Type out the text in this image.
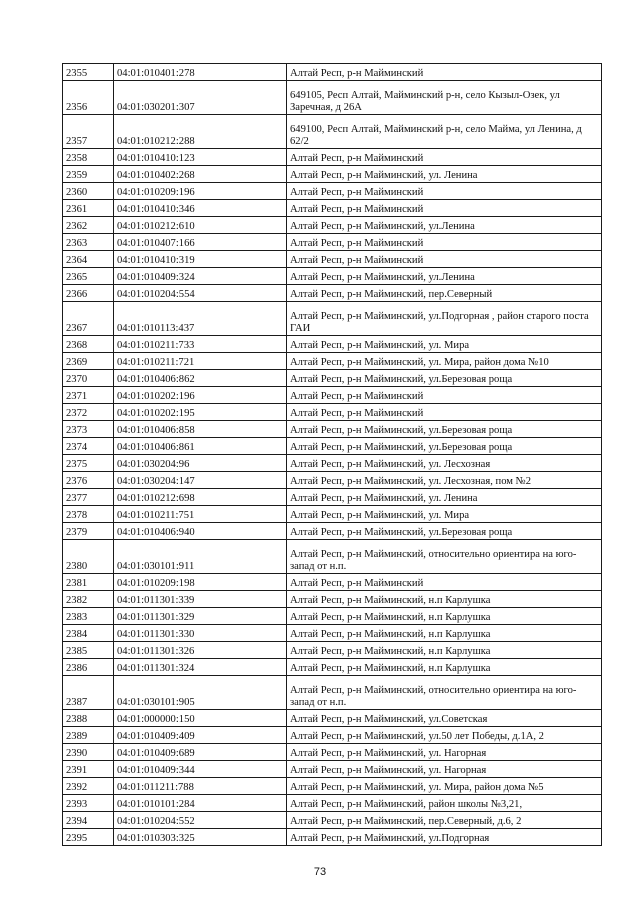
2355	04:01:010401:278	Алтай Респ, р-н Майминский
2356	04:01:030201:307	649105, Респ Алтай, Майминский р-н, село Кызыл-Озек, ул Заречная, д 26А
2357	04:01:010212:288	649100, Респ Алтай, Майминский р-н, село Майма, ул Ленина, д 62/2
2358	04:01:010410:123	Алтай Респ, р-н Майминский
2359	04:01:010402:268	Алтай Респ, р-н Майминский, ул. Ленина
2360	04:01:010209:196	Алтай Респ, р-н Майминский
2361	04:01:010410:346	Алтай Респ, р-н Майминский
2362	04:01:010212:610	Алтай Респ, р-н Майминский, ул.Ленина
2363	04:01:010407:166	Алтай Респ, р-н Майминский
2364	04:01:010410:319	Алтай Респ, р-н Майминский
2365	04:01:010409:324	Алтай Респ, р-н Майминский, ул.Ленина
2366	04:01:010204:554	Алтай Респ, р-н Майминский, пер.Северный
2367	04:01:010113:437	Алтай Респ, р-н Майминский, ул.Подгорная , район старого поста ГАИ
2368	04:01:010211:733	Алтай Респ, р-н Майминский, ул. Мира
2369	04:01:010211:721	Алтай Респ, р-н Майминский, ул. Мира, район дома №10
2370	04:01:010406:862	Алтай Респ, р-н Майминский, ул.Березовая роща
2371	04:01:010202:196	Алтай Респ, р-н Майминский
2372	04:01:010202:195	Алтай Респ, р-н Майминский
2373	04:01:010406:858	Алтай Респ, р-н Майминский, ул.Березовая роща
2374	04:01:010406:861	Алтай Респ, р-н Майминский, ул.Березовая роща
2375	04:01:030204:96	Алтай Респ, р-н Майминский, ул. Лесхозная
2376	04:01:030204:147	Алтай Респ, р-н Майминский, ул. Лесхозная, пом №2
2377	04:01:010212:698	Алтай Респ, р-н Майминский, ул. Ленина
2378	04:01:010211:751	Алтай Респ, р-н Майминский, ул. Мира
2379	04:01:010406:940	Алтай Респ, р-н Майминский, ул.Березовая роща
2380	04:01:030101:911	Алтай Респ, р-н Майминский, относительно ориентира на юго-запад от н.п.
2381	04:01:010209:198	Алтай Респ, р-н Майминский
2382	04:01:011301:339	Алтай Респ, р-н Майминский, н.п Карлушка
2383	04:01:011301:329	Алтай Респ, р-н Майминский, н.п Карлушка
2384	04:01:011301:330	Алтай Респ, р-н Майминский, н.п Карлушка
2385	04:01:011301:326	Алтай Респ, р-н Майминский, н.п Карлушка
2386	04:01:011301:324	Алтай Респ, р-н Майминский, н.п Карлушка
2387	04:01:030101:905	Алтай Респ, р-н Майминский, относительно ориентира на юго-запад от н.п.
2388	04:01:000000:150	Алтай Респ, р-н Майминский, ул.Советская
2389	04:01:010409:409	Алтай Респ, р-н Майминский, ул.50 лет Победы, д.1А, 2
2390	04:01:010409:689	Алтай Респ, р-н Майминский, ул. Нагорная
2391	04:01:010409:344	Алтай Респ, р-н Майминский, ул. Нагорная
2392	04:01:011211:788	Алтай Респ, р-н Майминский, ул. Мира, район дома №5
2393	04:01:010101:284	Алтай Респ, р-н Майминский, район школы №3,21,
2394	04:01:010204:552	Алтай Респ, р-н Майминский, пер.Северный, д.6, 2
2395	04:01:010303:325	Алтай Респ, р-н Майминский, ул.Подгорная
73
